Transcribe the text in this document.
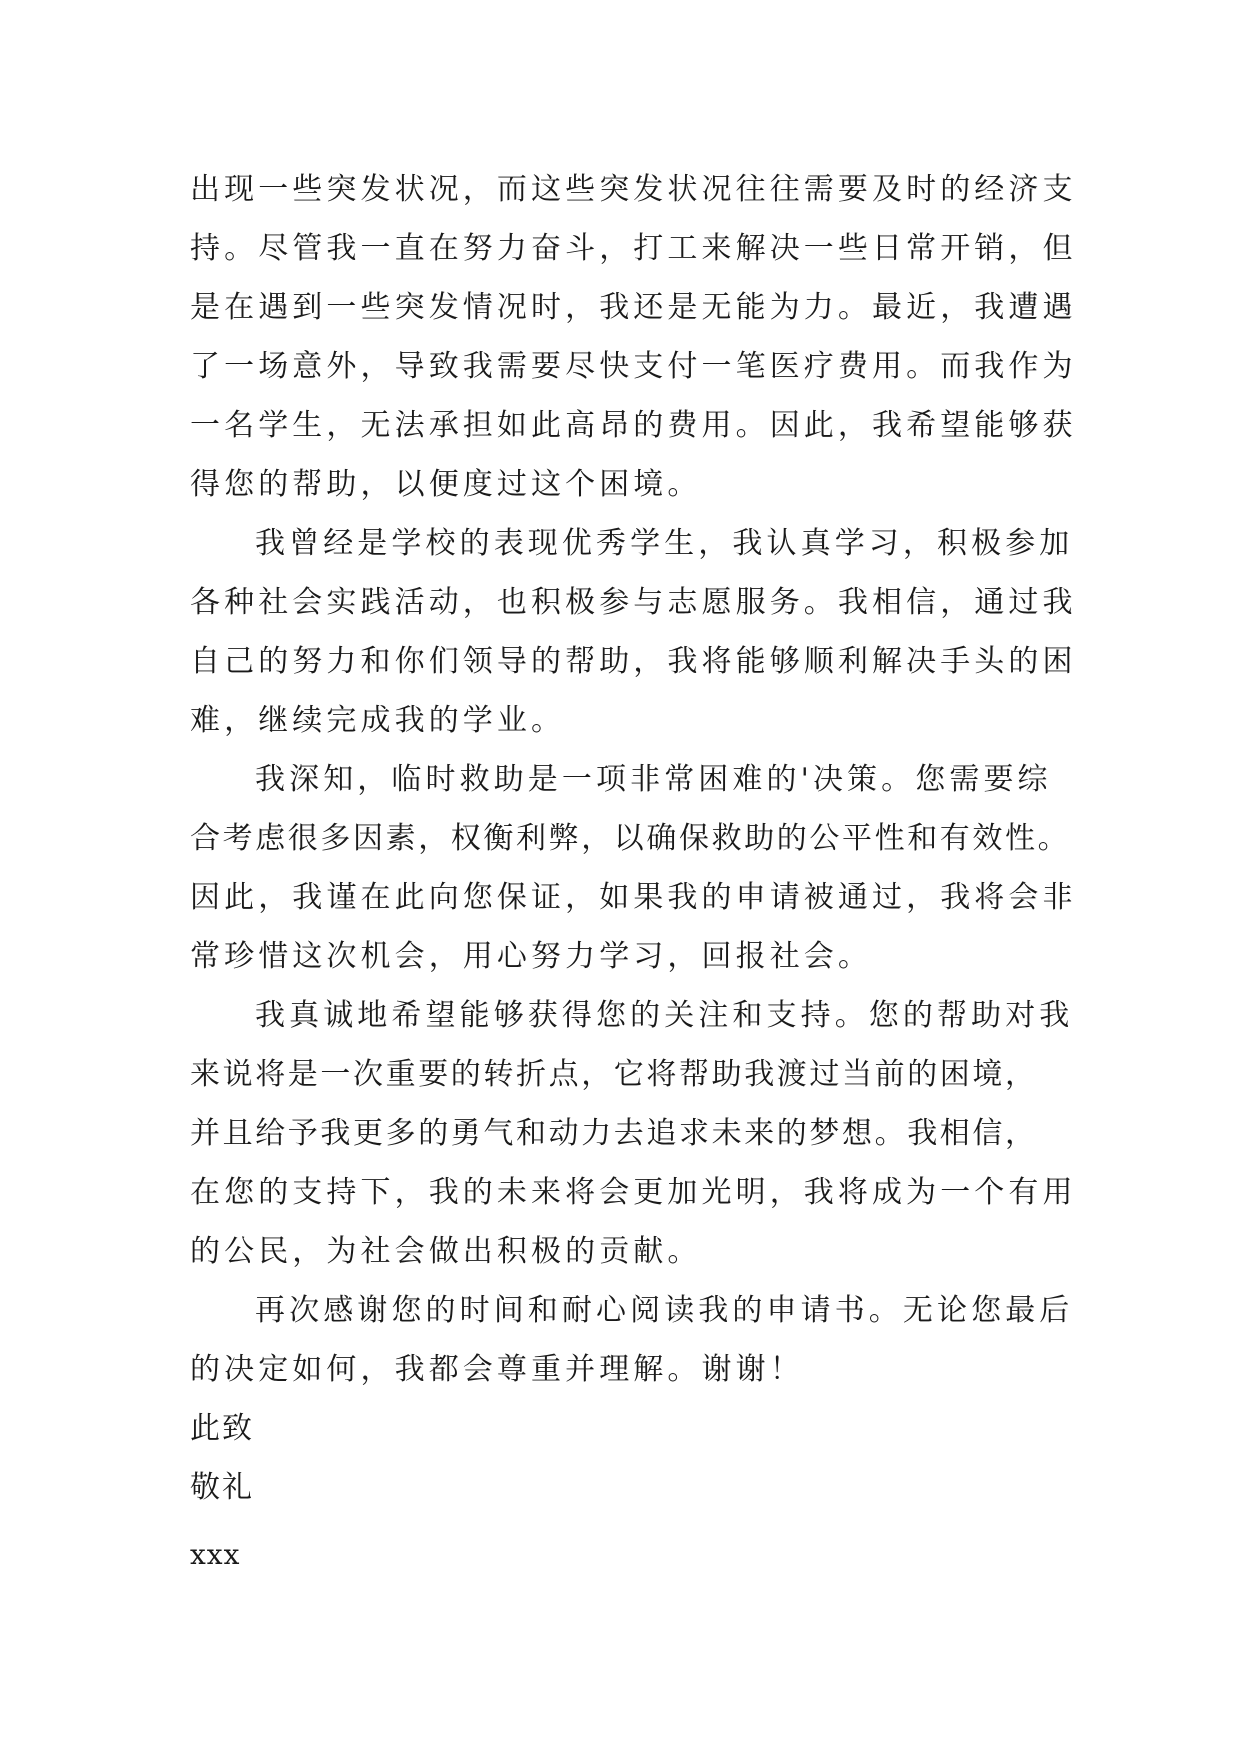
出现一些突发状况，而这些突发状况往往需要及时的经济支
持。尽管我一直在努力奋斗，打工来解决一些日常开销，但
是在遇到一些突发情况时，我还是无能为力。最近，我遭遇
了一场意外，导致我需要尽快支付一笔医疗费用。而我作为
一名学生，无法承担如此高昂的费用。因此，我希望能够获
得您的帮助，以便度过这个困境。
我曾经是学校的表现优秀学生，我认真学习，积极参加
各种社会实践活动，也积极参与志愿服务。我相信，通过我
自己的努力和你们领导的帮助，我将能够顺利解决手头的困
难，继续完成我的学业。
我深知，临时救助是一项非常困难的'决策。您需要综
合考虑很多因素，权衡利弊，以确保救助的公平性和有效性。
因此，我谨在此向您保证，如果我的申请被通过，我将会非
常珍惜这次机会，用心努力学习，回报社会。
我真诚地希望能够获得您的关注和支持。您的帮助对我
来说将是一次重要的转折点，它将帮助我渡过当前的困境，
并且给予我更多的勇气和动力去追求未来的梦想。我相信，
在您的支持下，我的未来将会更加光明，我将成为一个有用
的公民，为社会做出积极的贡献。
再次感谢您的时间和耐心阅读我的申请书。无论您最后
的决定如何，我都会尊重并理解。谢谢！
此致
敬礼
xxx
